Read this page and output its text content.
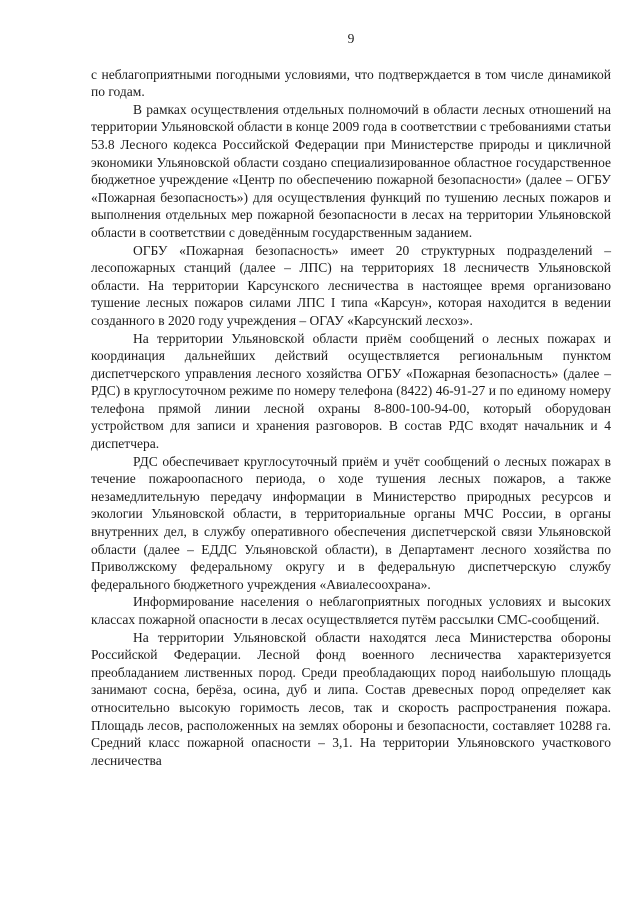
9

с неблагоприятными погодными условиями, что подтверждается в том числе динамикой по годам.

В рамках осуществления отдельных полномочий в области лесных отношений на территории Ульяновской области в конце 2009 года в соответствии с требованиями статьи 53.8 Лесного кодекса Российской Федерации при Министерстве природы и цикличной экономики Ульяновской области создано специализированное областное государственное бюджетное учреждение «Центр по обеспечению пожарной безопасности» (далее – ОГБУ «Пожарная безопасность») для осуществления функций по тушению лесных пожаров и выполнения отдельных мер пожарной безопасности в лесах на территории Ульяновской области в соответствии с доведённым государственным заданием.

ОГБУ «Пожарная безопасность» имеет 20 структурных подразделений – лесопожарных станций (далее – ЛПС) на территориях 18 лесничеств Ульяновской области. На территории Карсунского лесничества в настоящее время организовано тушение лесных пожаров силами ЛПС I типа «Карсун», которая находится в ведении созданного в 2020 году учреждения – ОГАУ «Карсунский лесхоз».

На территории Ульяновской области приём сообщений о лесных пожарах и координация дальнейших действий осуществляется региональным пунктом диспетчерского управления лесного хозяйства ОГБУ «Пожарная безопасность» (далее – РДС) в круглосуточном режиме по номеру телефона (8422) 46-91-27 и по единому номеру телефона прямой линии лесной охраны 8-800-100-94-00, который оборудован устройством для записи и хранения разговоров. В состав РДС входят начальник и 4 диспетчера.

РДС обеспечивает круглосуточный приём и учёт сообщений о лесных пожарах в течение пожароопасного периода, о ходе тушения лесных пожаров, а также незамедлительную передачу информации в Министерство природных ресурсов и экологии Ульяновской области, в территориальные органы МЧС России, в органы внутренних дел, в службу оперативного обеспечения диспетчерской связи Ульяновской области (далее – ЕДДС Ульяновской области), в Департамент лесного хозяйства по Приволжскому федеральному округу и в федеральную диспетчерскую службу федерального бюджетного учреждения «Авиалесоохрана».

Информирование населения о неблагоприятных погодных условиях и высоких классах пожарной опасности в лесах осуществляется путём рассылки СМС-сообщений.

На территории Ульяновской области находятся леса Министерства обороны Российской Федерации. Лесной фонд военного лесничества характеризуется преобладанием лиственных пород. Среди преобладающих пород наибольшую площадь занимают сосна, берёза, осина, дуб и липа. Состав древесных пород определяет как относительно высокую горимость лесов, так и скорость распространения пожара. Площадь лесов, расположенных на землях обороны и безопасности, составляет 10288 га. Средний класс пожарной опасности – 3,1. На территории Ульяновского участкового лесничества
